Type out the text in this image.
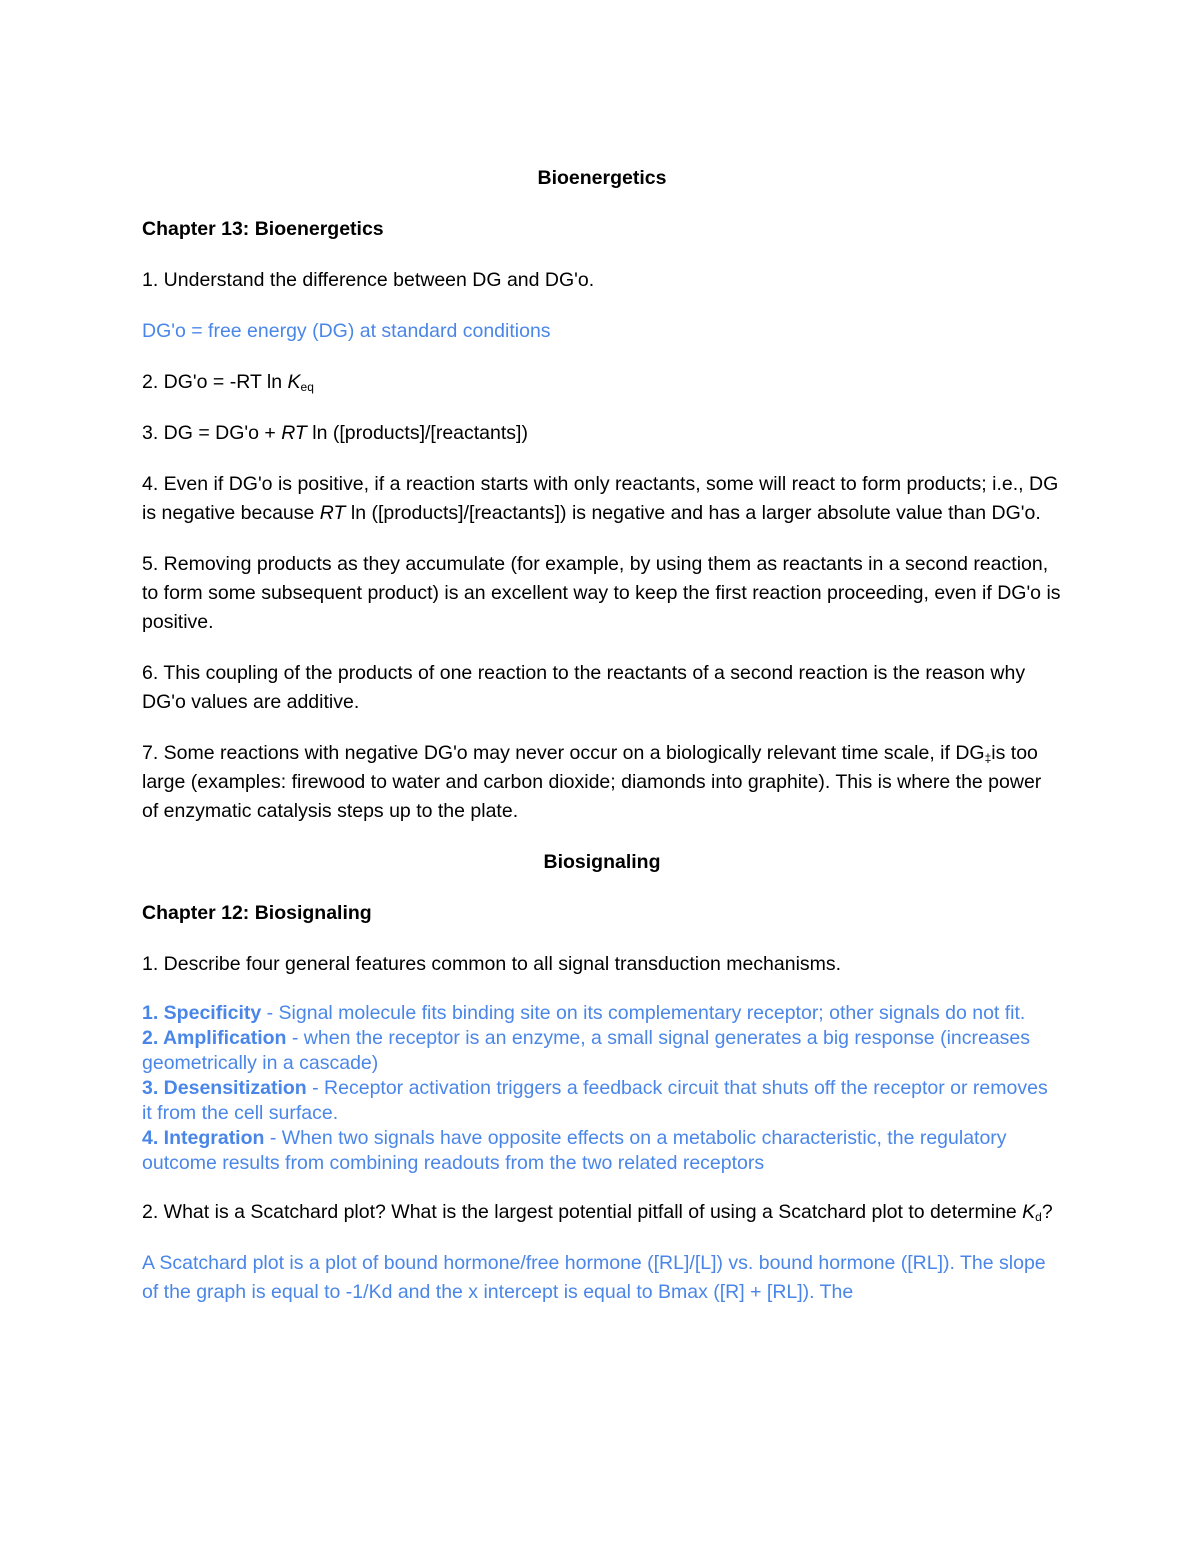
Bioenergetics

Chapter 13: Bioenergetics

1. Understand the difference between DG and DG'o.

DG'o = free energy (DG) at standard conditions

2. DG'o = -RT $\ln K_{eq}$

3. DG = DG'o + RT ln ([products]/[reactants])

4. Even if DG'o is positive, if a reaction starts with only reactants, some will react to form products; i.e., DG is negative because RT ln ([products]/[reactants]) is negative and has a larger absolute value than DG'o.

5. Removing products as they accumulate (for example, by using them as reactants in a second reaction, to form some subsequent product) is an excellent way to keep the first reaction proceeding, even if DG'o is positive.

6. This coupling of the products of one reaction to the reactants of a second reaction is the reason why DG'o values are additive.

7. Some reactions with negative DG'o may never occur on a biologically relevant time scale, if $DG_\ddagger is$ too large (examples: firewood to water and carbon dioxide; diamonds into graphite). This is where the power of enzymatic catalysis steps up to the plate.

Biosignaling

Chapter 12: Biosignaling

1. Describe four general features common to all signal transduction mechanisms.

1. Specificity - Signal molecule fits binding site on its complementary receptor; other signals do not fit.

2. Amplification - when the receptor is an enzyme, a small signal generates a big response (increases geometrically in a cascade)

3. Desensitization - Receptor activation triggers a feedback circuit that shuts off the receptor or removes it from the cell surface.

4. Integration - When two signals have opposite effects on a metabolic characteristic, the regulatory outcome results from combining readouts from the two related receptors

2. What is a Scatchard plot? What is the largest potential pitfall of using a Scatchard plot to determine $K_d$?

A Scatchard plot is a plot of bound hormone/free hormone ([RL]/[L]) vs. bound hormone ([RL]). The slope of the graph is equal to -1/Kd and the x intercept is equal to Bmax ([R] + [RL]). The
